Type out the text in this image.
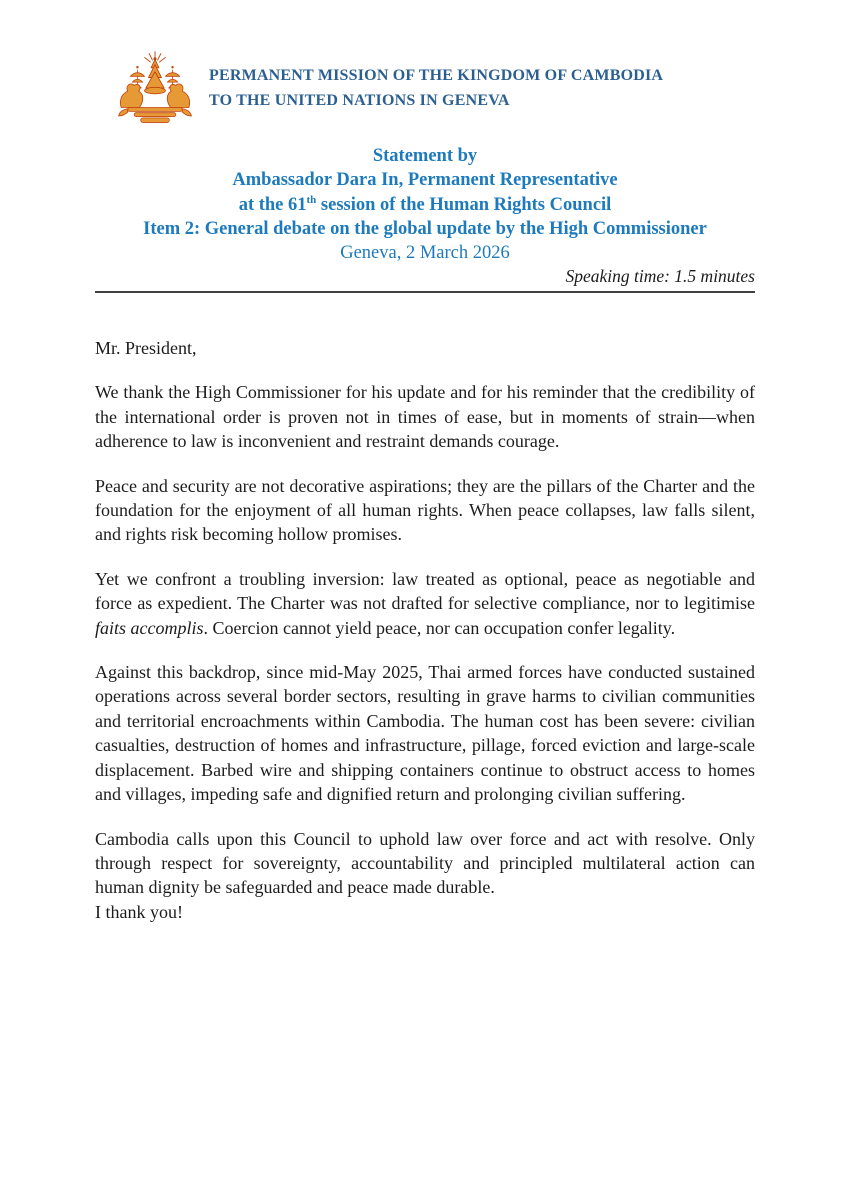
PERMANENT MISSION OF THE KINGDOM OF CAMBODIA
TO THE UNITED NATIONS IN GENEVA
Statement by
Ambassador Dara In, Permanent Representative
at the 61th session of the Human Rights Council
Item 2: General debate on the global update by the High Commissioner
Geneva, 2 March 2026
Speaking time: 1.5 minutes

Mr. President,

We thank the High Commissioner for his update and for his reminder that the credibility of the international order is proven not in times of ease, but in moments of strain—when adherence to law is inconvenient and restraint demands courage.

Peace and security are not decorative aspirations; they are the pillars of the Charter and the foundation for the enjoyment of all human rights. When peace collapses, law falls silent, and rights risk becoming hollow promises.

Yet we confront a troubling inversion: law treated as optional, peace as negotiable and force as expedient. The Charter was not drafted for selective compliance, nor to legitimise faits accomplis. Coercion cannot yield peace, nor can occupation confer legality.

Against this backdrop, since mid-May 2025, Thai armed forces have conducted sustained operations across several border sectors, resulting in grave harms to civilian communities and territorial encroachments within Cambodia. The human cost has been severe: civilian casualties, destruction of homes and infrastructure, pillage, forced eviction and large-scale displacement. Barbed wire and shipping containers continue to obstruct access to homes and villages, impeding safe and dignified return and prolonging civilian suffering.

Cambodia calls upon this Council to uphold law over force and act with resolve. Only through respect for sovereignty, accountability and principled multilateral action can human dignity be safeguarded and peace made durable.

I thank you!
